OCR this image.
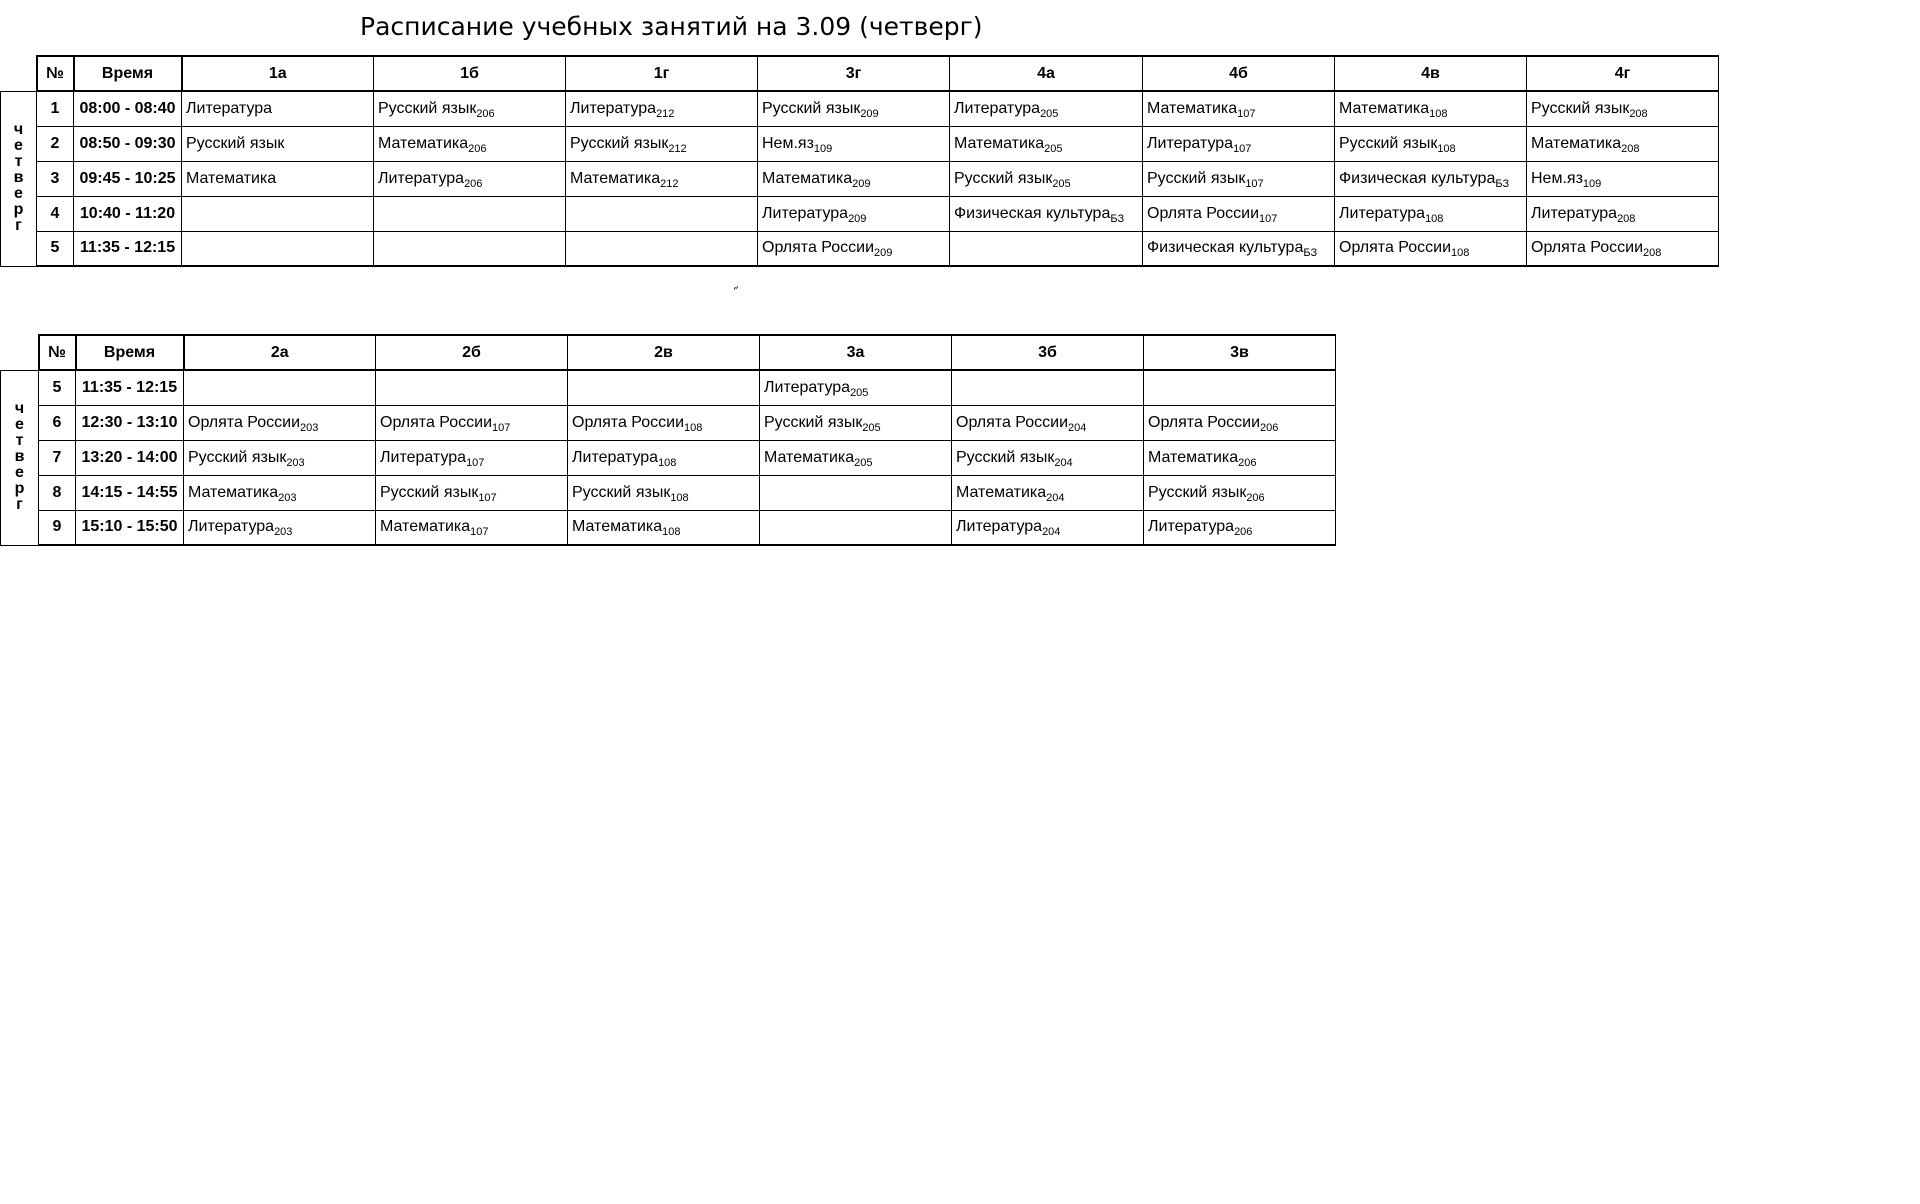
Расписание учебных занятий на 3.09 (четверг)
	№	Время	1а	1б	1г	3г	4а	4б	4в	4г
четверг	1	08:00 - 08:40	Литература	Русский язык$_{206}$	Литература$_{212}$	Русский язык$_{209}$	Литература$_{205}$	Математика$_{107}$	Математика$_{108}$	Русский язык$_{208}$
	2	08:50 - 09:30	Русский язык	Математика$_{206}$	Русский язык$_{212}$	$Нем.яз_{109}$	Математика$_{205}$	Литература$_{107}$	Русский язык$_{108}$	Математика$_{208}$
	3	09:45 - 10:25	Математика	Литература$_{206}$	Математика$_{212}$	Математика$_{209}$	Русский язык$_{205}$	Русский язык$_{107}$	Физическая культура$_{БЗ}$	$Нем.яз_{109}$
	4	10:40 - 11:20				Литература$_{209}$	Физическая культура$_{БЗ}$	Орлята России$_{107}$	Литература$_{108}$	Литература$_{208}$
	5	11:35 - 12:15				Орлята России$_{209}$		Физическая культура$_{БЗ}$	Орлята России$_{108}$	Орлята России$_{208}$
˶
	№	Время	2а	2б	2в	3а	3б	3в
четверг	5	11:35 - 12:15				Литература$_{205}$		
	6	12:30 - 13:10	Орлята России$_{203}$	Орлята России$_{107}$	Орлята России$_{108}$	Русский язык$_{205}$	Орлята России$_{204}$	Орлята России$_{206}$
	7	13:20 - 14:00	Русский язык$_{203}$	Литература$_{107}$	Литература$_{108}$	Математика$_{205}$	Русский язык$_{204}$	Математика$_{206}$
	8	14:15 - 14:55	Математика$_{203}$	Русский язык$_{107}$	Русский язык$_{108}$		Математика$_{204}$	Русский язык$_{206}$
	9	15:10 - 15:50	Литература$_{203}$	Математика$_{107}$	Математика$_{108}$		Литература$_{204}$	Литература$_{206}$
